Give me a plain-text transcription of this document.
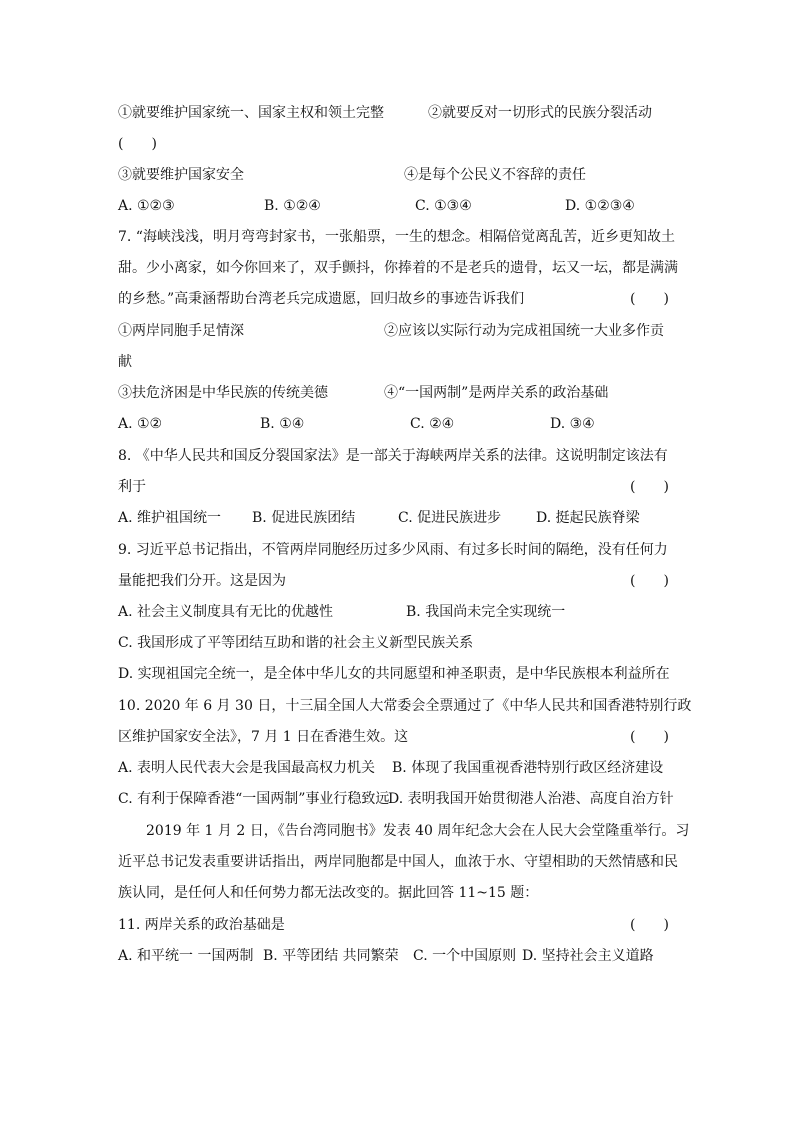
①就要维护国家统一、国家主权和领土完整	②就要反对一切形式的民族分裂活动
(　　)
③就要维护国家安全	④是每个公民义不容辞的责任
A. ①②③	B. ①②④	C. ①③④	D. ①②③④
7. “海峡浅浅，明月弯弯封家书，一张船票，一生的想念。相隔倍觉离乱苦，近乡更知故土
甜。少小离家，如今你回来了，双手颤抖，你捧着的不是老兵的遗骨，坛又一坛，都是满满
的乡愁。”高秉涵帮助台湾老兵完成遗愿，回归故乡的事迹告诉我们	(　　)
①两岸同胞手足情深	②应该以实际行动为完成祖国统一大业多作贡
献
③扶危济困是中华民族的传统美德	④“一国两制”是两岸关系的政治基础
A. ①②	B. ①④	C. ②④	D. ③④
8. 《中华人民共和国反分裂国家法》是一部关于海峡两岸关系的法律。这说明制定该法有
利于	(　　)
A. 维护祖国统一 B. 促进民族团结	C. 促进民族进步 D. 挺起民族脊梁
9. 习近平总书记指出，不管两岸同胞经历过多少风雨、有过多长时间的隔绝，没有任何力
量能把我们分开。这是因为	(　　)
A. 社会主义制度具有无比的优越性	B. 我国尚未完全实现统一
C. 我国形成了平等团结互助和谐的社会主义新型民族关系
D. 实现祖国完全统一，是全体中华儿女的共同愿望和神圣职责，是中华民族根本利益所在
10. 2020 年 6 月 30 日，十三届全国人大常委会全票通过了《中华人民共和国香港特别行政
区维护国家安全法》，7 月 1 日在香港生效。这	(　　)
A. 表明人民代表大会是我国最高权力机关 B. 体现了我国重视香港特别行政区经济建设
C. 有利于保障香港“一国两制”事业行稳致远
D. 表明我国开始贯彻港人治港、高度自治方针
2019 年 1 月 2 日，《告台湾同胞书》发表 40 周年纪念大会在人民大会堂隆重举行。习
近平总书记发表重要讲话指出，两岸同胞都是中国人，血浓于水、守望相助的天然情感和民
族认同，是任何人和任何势力都无法改变的。据此回答 11~15 题：
11. 两岸关系的政治基础是	(　　)
A. 和平统一 一国两制 B. 平等团结 共同繁荣 C. 一个中国原则 D. 坚持社会主义道路
